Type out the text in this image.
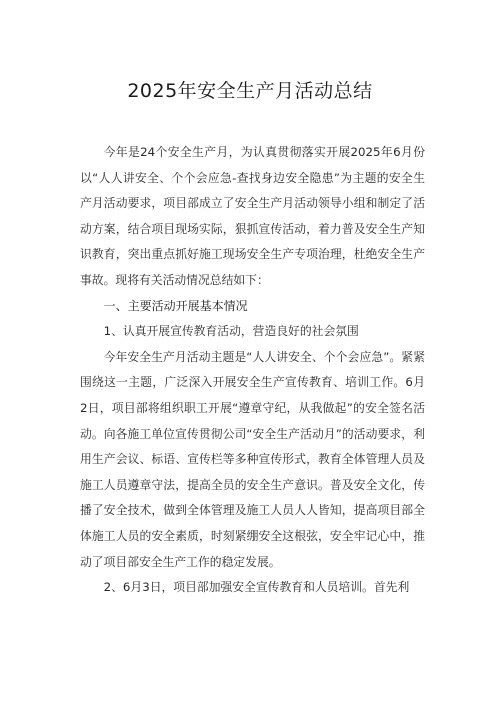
2025年安全生产月活动总结

今年是24个安全生产月，为认真贯彻落实开展2025年6月份以“人人讲安全、个个会应急-查找身边安全隐患”为主题的安全生产月活动要求，项目部成立了安全生产月活动领导小组和制定了活动方案，结合项目现场实际，狠抓宣传活动，着力普及安全生产知识教育，突出重点抓好施工现场安全生产专项治理，杜绝安全生产事故。现将有关活动情况总结如下：

一、主要活动开展基本情况

1、认真开展宣传教育活动，营造良好的社会氛围

今年安全生产月活动主题是“人人讲安全、个个会应急”。紧紧围绕这一主题，广泛深入开展安全生产宣传教育、培训工作。6月2日，项目部将组织职工开展“遵章守纪，从我做起”的安全签名活动。向各施工单位宣传贯彻公司“安全生产活动月”的活动要求，利用生产会议、标语、宣传栏等多种宣传形式，教育全体管理人员及施工人员遵章守法，提高全员的安全生产意识。普及安全文化，传播了安全技术，做到全体管理及施工人员人人皆知，提高项目部全体施工人员的安全素质，时刻紧绷安全这根弦，安全牢记心中，推动了项目部安全生产工作的稳定发展。

2、6月3日，项目部加强安全宣传教育和人员培训。首先利
